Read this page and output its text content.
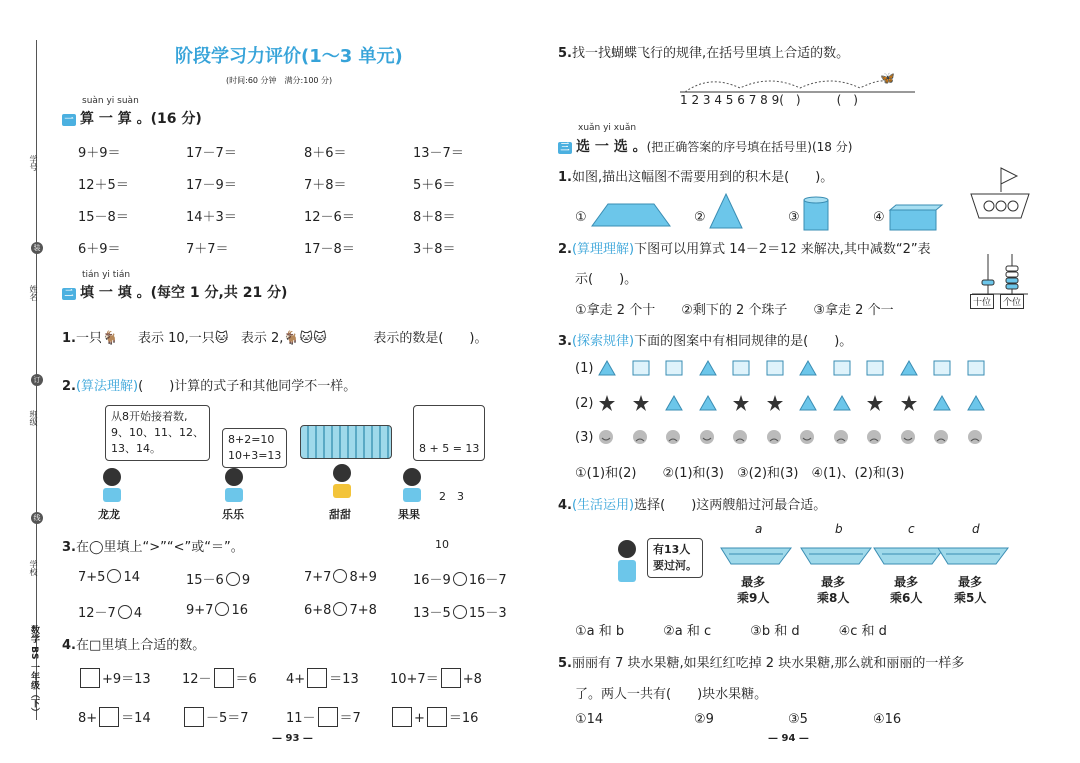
学号
装
姓名
订
班级
线
学校
数学 BS 一年级（下）
阶段学习力评价(1～3 单元)
(时间:60 分钟　满分:100 分)
suàn yi suàn
一 算 一 算 。(16 分)
9＋9＝	17－7＝	8＋6＝	13－7＝
12＋5＝	17－9＝	7＋8＝	5＋6＝
15－8＝	14＋3＝	12－6＝	8＋8＝
6＋9＝	7＋7＝	17－8＝	3＋8＝
tián yi tián
二 填 一 填 。(每空 1 分,共 21 分)
1.一只🐐 表示 10,一只🐱 表示 2,🐐🐱🐱	表示的数是(　　)。
2.(算法理解)(　　)计算的式子和其他同学不一样。
从8开始接着数,
9、10、11、12、
13、14。
8+2=10
10+3=13

8 + 5 = 13

2　3

10

龙龙	乐乐	甜甜	果果
3.在◯里填上“>”“<”或“＝”。
7+5 14	15－6 9	7+7 8+9	16－9 16－7
12－7 4	9+7 16	6+8 7+8	13－5 15－3
4.在□里填上合适的数。
+9＝13 12－ ＝6 4+ ＝13 10+7＝ +8
8+ ＝14	－5＝7	11－ ＝7	+ ＝16
— 93 —
5.找一找蝴蝶飞行的规律,在括号里填上合适的数。
🦋
1 2 3 4 5 6 7 8 9(　)　　　(　)
xuǎn yi xuǎn
三 选 一 选 。(把正确答案的序号填在括号里)(18 分)
1.如图,描出这幅图不需要用到的积木是(　　)。
①	②	③	④
2.(算理理解)下图可以用算式 14－2＝12 来解决,其中减数“2”表
示(　　)。
①拿走 2 个十　　②剩下的 2 个珠子　　③拿走 2 个一	十位	个位
3.(探索规律)下面的图案中有相同规律的是(　　)。
(1)
(2)
(3)
①(1)和(2)　　②(1)和(3)　③(2)和(3)　④(1)、(2)和(3)
4.(生活运用)选择(　　)这两艘船过河最合适。
有13人
要过河。
a
最多
乘9人
b
最多
乘8人
c
最多
乘6人
d
最多
乘5人
①a 和 b　　　②a 和 c　　　③b 和 d　　　④c 和 d
5.丽丽有 7 块水果糖,如果红红吃掉 2 块水果糖,那么就和丽丽的一样多
了。两人一共有(　　)块水果糖。
①14	②9	③5	④16
— 94 —
